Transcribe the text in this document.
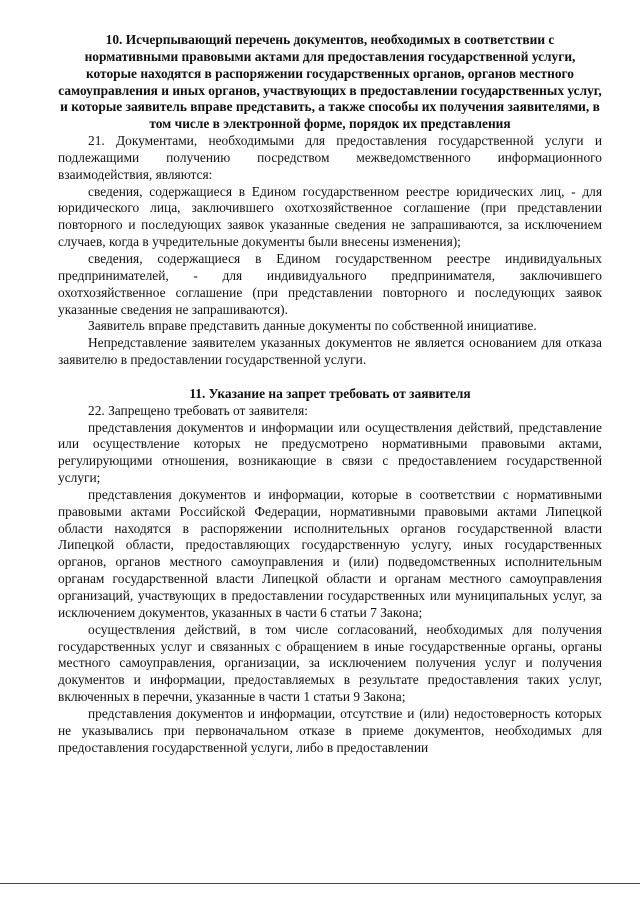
10. Исчерпывающий перечень документов, необходимых в соответствии с нормативными правовыми актами для предоставления государственной услуги, которые находятся в распоряжении государственных органов, органов местного самоуправления и иных органов, участвующих в предоставлении государственных услуг, и которые заявитель вправе представить, а также способы их получения заявителями, в том числе в электронной форме, порядок их представления

21. Документами, необходимыми для предоставления государственной услуги и подлежащими получению посредством межведомственного информационного взаимодействия, являются:

сведения, содержащиеся в Едином государственном реестре юридических лиц, - для юридического лица, заключившего охотхозяйственное соглашение (при представлении повторного и последующих заявок указанные сведения не запрашиваются, за исключением случаев, когда в учредительные документы были внесены изменения);

сведения, содержащиеся в Едином государственном реестре индивидуальных предпринимателей, - для индивидуального предпринимателя, заключившего охотхозяйственное соглашение (при представлении повторного и последующих заявок указанные сведения не запрашиваются).

Заявитель вправе представить данные документы по собственной инициативе.

Непредставление заявителем указанных документов не является основанием для отказа заявителю в предоставлении государственной услуги.

11. Указание на запрет требовать от заявителя

22. Запрещено требовать от заявителя:

представления документов и информации или осуществления действий, представление или осуществление которых не предусмотрено нормативными правовыми актами, регулирующими отношения, возникающие в связи с предоставлением государственной услуги;

представления документов и информации, которые в соответствии с нормативными правовыми актами Российской Федерации, нормативными правовыми актами Липецкой области находятся в распоряжении исполнительных органов государственной власти Липецкой области, предоставляющих государственную услугу, иных государственных органов, органов местного самоуправления и (или) подведомственных исполнительным органам государственной власти Липецкой области и органам местного самоуправления организаций, участвующих в предоставлении государственных или муниципальных услуг, за исключением документов, указанных в части 6 статьи 7 Закона;

осуществления действий, в том числе согласований, необходимых для получения государственных услуг и связанных с обращением в иные государственные органы, органы местного самоуправления, организации, за исключением получения услуг и получения документов и информации, предоставляемых в результате предоставления таких услуг, включенных в перечни, указанные в части 1 статьи 9 Закона;

представления документов и информации, отсутствие и (или) недостоверность которых не указывались при первоначальном отказе в приеме документов, необходимых для предоставления государственной услуги, либо в предоставлении
